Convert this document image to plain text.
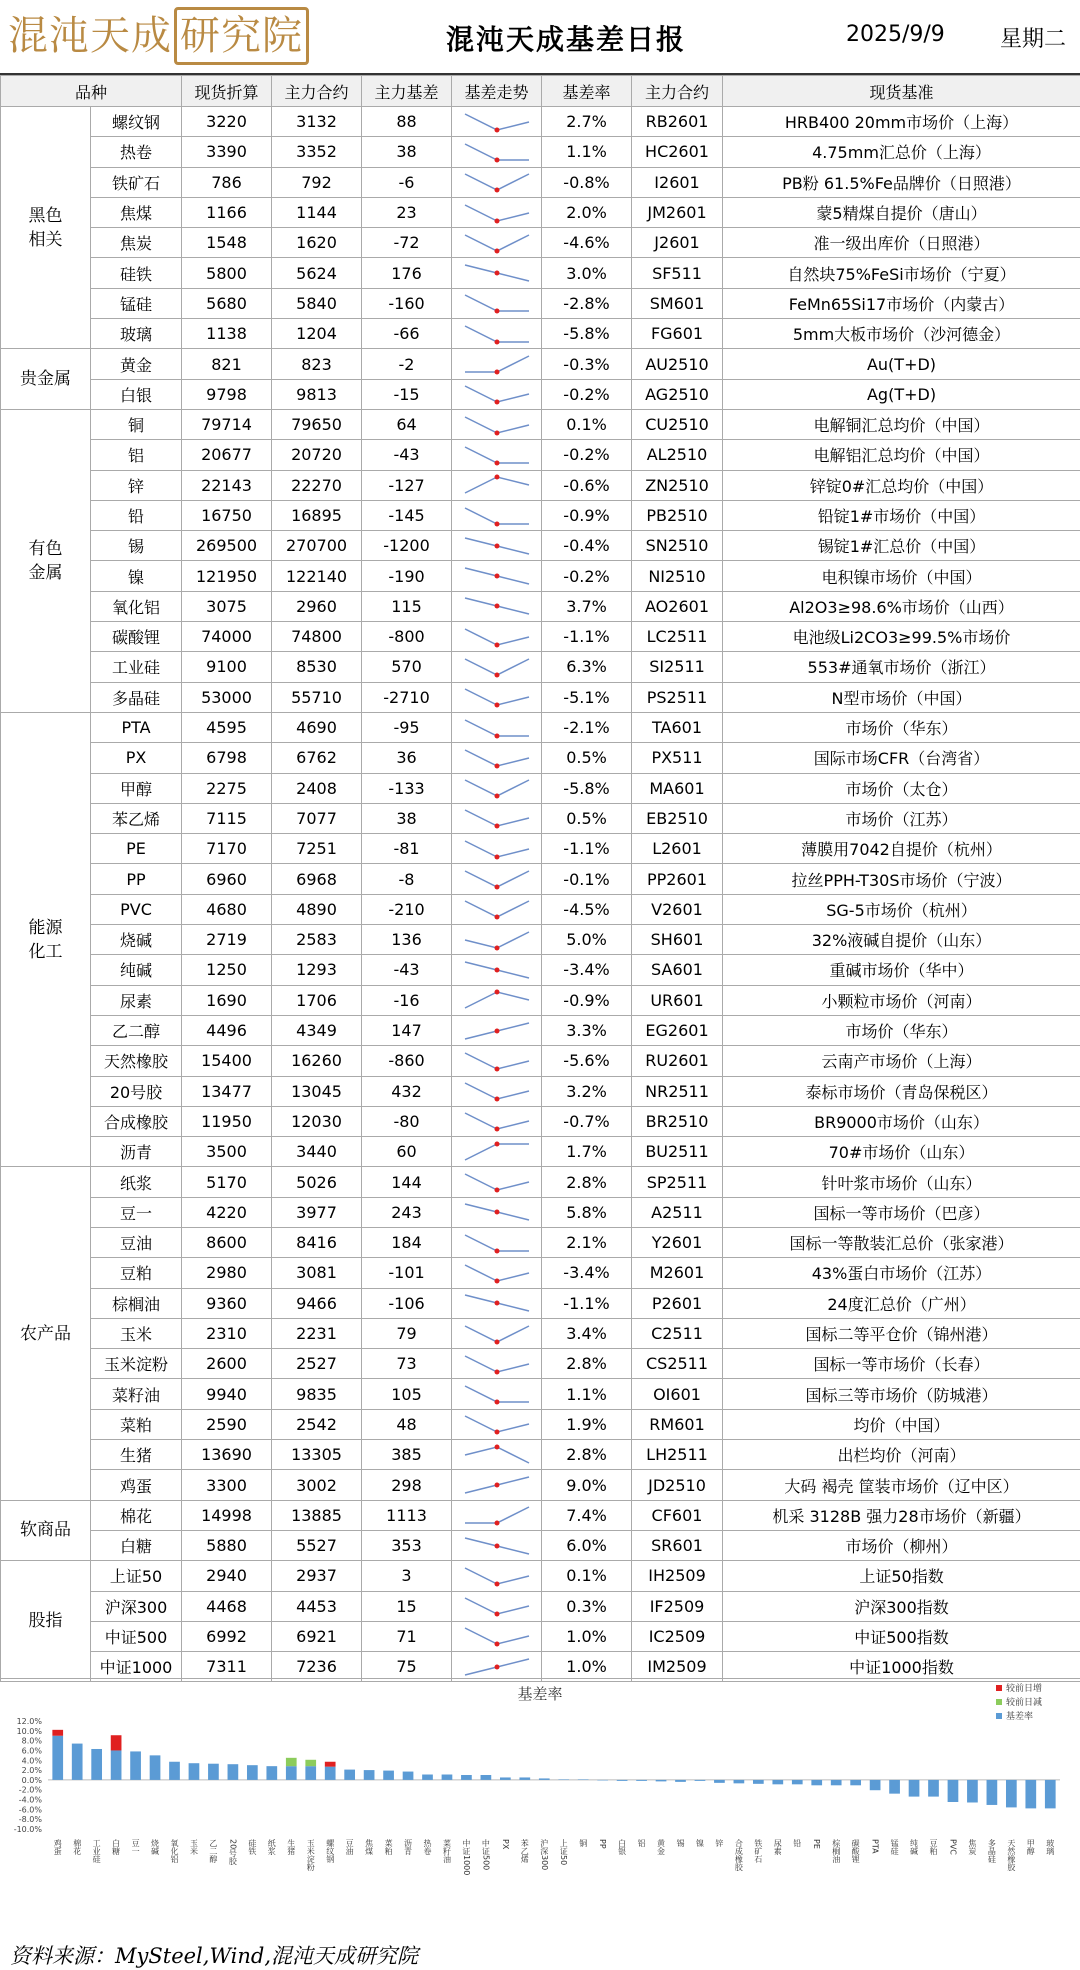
混沌天成 研究院	混沌天成基差日报	2025/9/9	星期二
品种		现货折算	主力合约	主力基差	基差走势	基差率	主力合约	现货基准
黑色
相关	螺纹钢	3220	3132	88		2.7%	RB2601	HRB400 20mm市场价（上海）
	热卷	3390	3352	38		1.1%	HC2601	4.75mm汇总价（上海）
	铁矿石	786	792	-6		-0.8%	I2601	PB粉 61.5%Fe品牌价（日照港）
	焦煤	1166	1144	23		2.0%	JM2601	蒙5精煤自提价（唐山）
	焦炭	1548	1620	-72		-4.6%	J2601	准一级出库价（日照港）
	硅铁	5800	5624	176		3.0%	SF511	自然块75%FeSi市场价（宁夏）
	锰硅	5680	5840	-160		-2.8%	SM601	FeMn65Si17市场价（内蒙古）
	玻璃	1138	1204	-66		-5.8%	FG601	5mm大板市场价（沙河德金）
贵金属	黄金	821	823	-2		-0.3%	AU2510	Au(T+D)
	白银	9798	9813	-15		-0.2%	AG2510	Ag(T+D)
有色
金属	铜	79714	79650	64		0.1%	CU2510	电解铜汇总均价（中国）
	铝	20677	20720	-43		-0.2%	AL2510	电解铝汇总均价（中国）
	锌	22143	22270	-127		-0.6%	ZN2510	锌锭0#汇总均价（中国）
	铅	16750	16895	-145		-0.9%	PB2510	铅锭1#市场价（中国）
	锡	269500	270700	-1200		-0.4%	SN2510	锡锭1#汇总价（中国）
	镍	121950	122140	-190		-0.2%	NI2510	电积镍市场价（中国）
	氧化铝	3075	2960	115		3.7%	AO2601	Al2O3≥98.6%市场价（山西）
	碳酸锂	74000	74800	-800		-1.1%	LC2511	电池级Li2CO3≥99.5%市场价
	工业硅	9100	8530	570		6.3%	SI2511	553#通氧市场价（浙江）
	多晶硅	53000	55710	-2710		-5.1%	PS2511	N型市场价（中国）
能源
化工	PTA	4595	4690	-95		-2.1%	TA601	市场价（华东）
	PX	6798	6762	36		0.5%	PX511	国际市场CFR（台湾省）
	甲醇	2275	2408	-133		-5.8%	MA601	市场价（太仓）
	苯乙烯	7115	7077	38		0.5%	EB2510	市场价（江苏）
	PE	7170	7251	-81		-1.1%	L2601	薄膜用7042自提价（杭州）
	PP	6960	6968	-8		-0.1%	PP2601	拉丝PPH-T30S市场价（宁波）
	PVC	4680	4890	-210		-4.5%	V2601	SG-5市场价（杭州）
	烧碱	2719	2583	136		5.0%	SH601	32%液碱自提价（山东）
	纯碱	1250	1293	-43		-3.4%	SA601	重碱市场价（华中）
	尿素	1690	1706	-16		-0.9%	UR601	小颗粒市场价（河南）
	乙二醇	4496	4349	147		3.3%	EG2601	市场价（华东）
	天然橡胶	15400	16260	-860		-5.6%	RU2601	云南产市场价（上海）
	20号胶	13477	13045	432		3.2%	NR2511	泰标市场价（青岛保税区）
	合成橡胶	11950	12030	-80		-0.7%	BR2510	BR9000市场价（山东）
	沥青	3500	3440	60		1.7%	BU2511	70#市场价（山东）
农产品	纸浆	5170	5026	144		2.8%	SP2511	针叶浆市场价（山东）
	豆一	4220	3977	243		5.8%	A2511	国标一等市场价（巴彦）
	豆油	8600	8416	184		2.1%	Y2601	国标一等散装汇总价（张家港）
	豆粕	2980	3081	-101		-3.4%	M2601	43%蛋白市场价（江苏）
	棕榈油	9360	9466	-106		-1.1%	P2601	24度汇总价（广州）
	玉米	2310	2231	79		3.4%	C2511	国标二等平仓价（锦州港）
	玉米淀粉	2600	2527	73		2.8%	CS2511	国标一等市场价（长春）
	菜籽油	9940	9835	105		1.1%	OI601	国标三等市场价（防城港）
	菜粕	2590	2542	48		1.9%	RM601	均价（中国）
	生猪	13690	13305	385		2.8%	LH2511	出栏均价（河南）
	鸡蛋	3300	3002	298		9.0%	JD2510	大码 褐壳 筐装市场价（辽中区）
软商品	棉花	14998	13885	1113		7.4%	CF601	机采 3128B 强力28市场价（新疆）
	白糖	5880	5527	353		6.0%	SR601	市场价（柳州）
股指	上证50	2940	2937	3		0.1%	IH2509	上证50指数
	沪深300	4468	4453	15		0.3%	IF2509	沪深300指数
	中证500	6992	6921	71		1.0%	IC2509	中证500指数
	中证1000	7311	7236	75		1.0%	IM2509	中证1000指数
基差率
12.0%
10.0%
8.0%
6.0%
4.0%
2.0%
0.0%
-2.0%
-4.0%
-6.0%
-8.0%
-10.0%
鸡蛋 棉花 工业硅 白糖 豆一 烧碱 氧化铝 玉米 乙二醇 20号胶 硅铁 纸浆 生猪 玉米淀粉 螺纹钢 豆油 焦煤 菜粕 沥青 热卷 菜籽油 中证1000 中证500 PX 苯乙烯 沪深300 上证50 铜 PP 白银 铝 黄金 锡 镍 锌 合成橡胶 铁矿石 尿素 铅 PE 棕榈油 碳酸锂 PTA 锰硅 纯碱 豆粕 PVC 焦炭 多晶硅 天然橡胶 甲醇 玻璃
较前日增
较前日减
基差率
资料来源：MySteel,Wind,混沌天成研究院
